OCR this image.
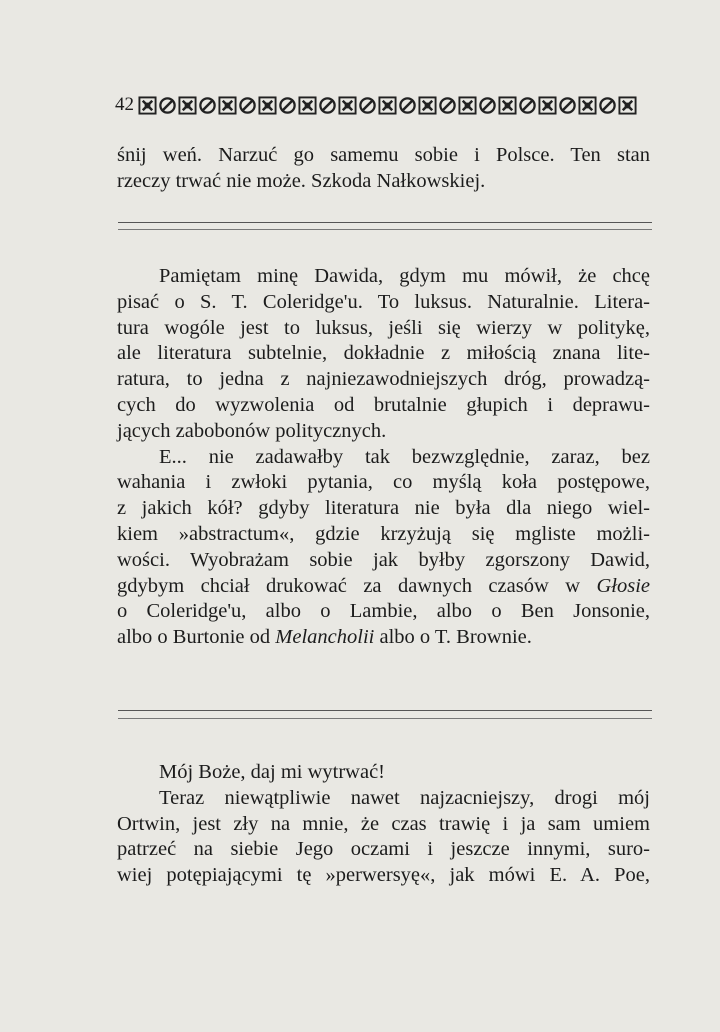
42

śnij weń. Narzuć go samemu sobie i Polsce. Ten stan
rzeczy trwać nie może. Szkoda Nałkowskiej.

Pamiętam minę Dawida, gdym mu mówił, że chcę
pisać o S. T. Coleridge'u. To luksus. Naturalnie. Litera-
tura wogóle jest to luksus, jeśli się wierzy w politykę,
ale literatura subtelnie, dokładnie z miłością znana lite-
ratura, to jedna z najniezawodniejszych dróg, prowadzą-
cych do wyzwolenia od brutalnie głupich i deprawu-
jących zabobonów politycznych.

E... nie zadawałby tak bezwzględnie, zaraz, bez
wahania i zwłoki pytania, co myślą koła postępowe,
z jakich kół? gdyby literatura nie była dla niego wiel-
kiem »abstractum«, gdzie krzyżują się mgliste możli-
wości. Wyobrażam sobie jak byłby zgorszony Dawid,
gdybym chciał drukować za dawnych czasów w Głosie
o Coleridge'u, albo o Lambie, albo o Ben Jonsonie,
albo o Burtonie od Melancholii albo o T. Brownie.

Mój Boże, daj mi wytrwać!
Teraz niewątpliwie nawet najzacniejszy, drogi mój
Ortwin, jest zły na mnie, że czas trawię i ja sam umiem
patrzeć na siebie Jego oczami i jeszcze innymi, suro-
wiej potępiającymi tę »perwersyę«, jak mówi E. A. Poe,
